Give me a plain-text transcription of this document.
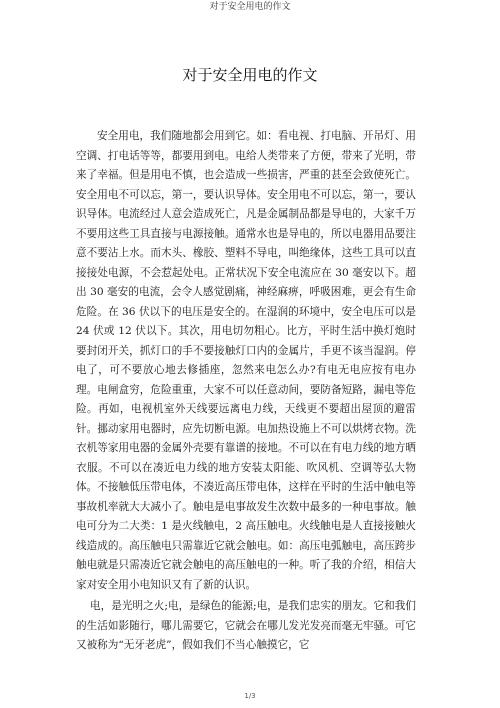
对于安全用电的作文
对于安全用电的作文
安全用电，我们随地都会用到它。如：看电视、打电脑、开吊灯、用空调、打电话等等，都要用到电。电给人类带来了方便，带来了光明，带来了幸福。但是用电不慎，也会造成一些损害，严重的甚至会致使死亡。安全用电不可以忘，第一，要认识导体。安全用电不可以忘，第一，要认识导体。电流经过人意会造成死亡，凡是金属制品都是导电的，大家千万不要用这些工具直接与电源接触。通常水也是导电的，所以电器用品要注意不要沾上水。而木头、橡胶、塑料不导电，叫绝缘体，这些工具可以直接接处电源，不会惹起处电。正常状况下安全电流应在 30 毫安以下。超出 30 毫安的电流，会令人感觉剧痛，神经麻痹，呼吸困难，更会有生命危险。在 36 伏以下的电压是安全的。在湿润的环境中，安全电压可以是 24 伏或 12 伏以下。其次，用电切勿粗心。比方，平时生活中换灯炮时要封闭开关，抓灯口的手不要接触灯口内的金属片，手更不该当湿润。停电了，可不要放心地去修插座，忽然来电怎么办?有电无电应按有电办理。电闸盒穷，危险重重，大家不可以任意动间，要防备短路，漏电等危险。再如，电视机室外天线要远离电力线，天线更不要超出屋顶的避雷针。挪动家用电器时，应先切断电源。电加热设施上不可以烘烤衣物。洗衣机等家用电器的金属外壳要有靠谱的接地。不可以在有电力线的地方晒衣服。不可以在凑近电力线的地方安装太阳能、吹风机、空调等弘大物体。不接触低压带电体，不凑近高压带电体，这样在平时的生活中触电等事故机率就大大减小了。触电是电事故发生次数中最多的一种电事故。触电可分为二大类：1 是火线触电，2 高压触电。火线触电是人直接接触火线造成的。高压触电只需靠近它就会触电。如：高压电弧触电，高压跨步触电就是只需凑近它就会触电的高压触电的一种。听了我的介绍，相信大家对安全用小电知识又有了新的认识。
电，是光明之火;电，是绿色的能源;电，是我们忠实的朋友。它和我们的生活如影随行，哪儿需要它，它就会在哪儿发光发亮而毫无牢骚。可它又被称为“无牙老虎”，假如我们不当心触摸它，它
1/3
